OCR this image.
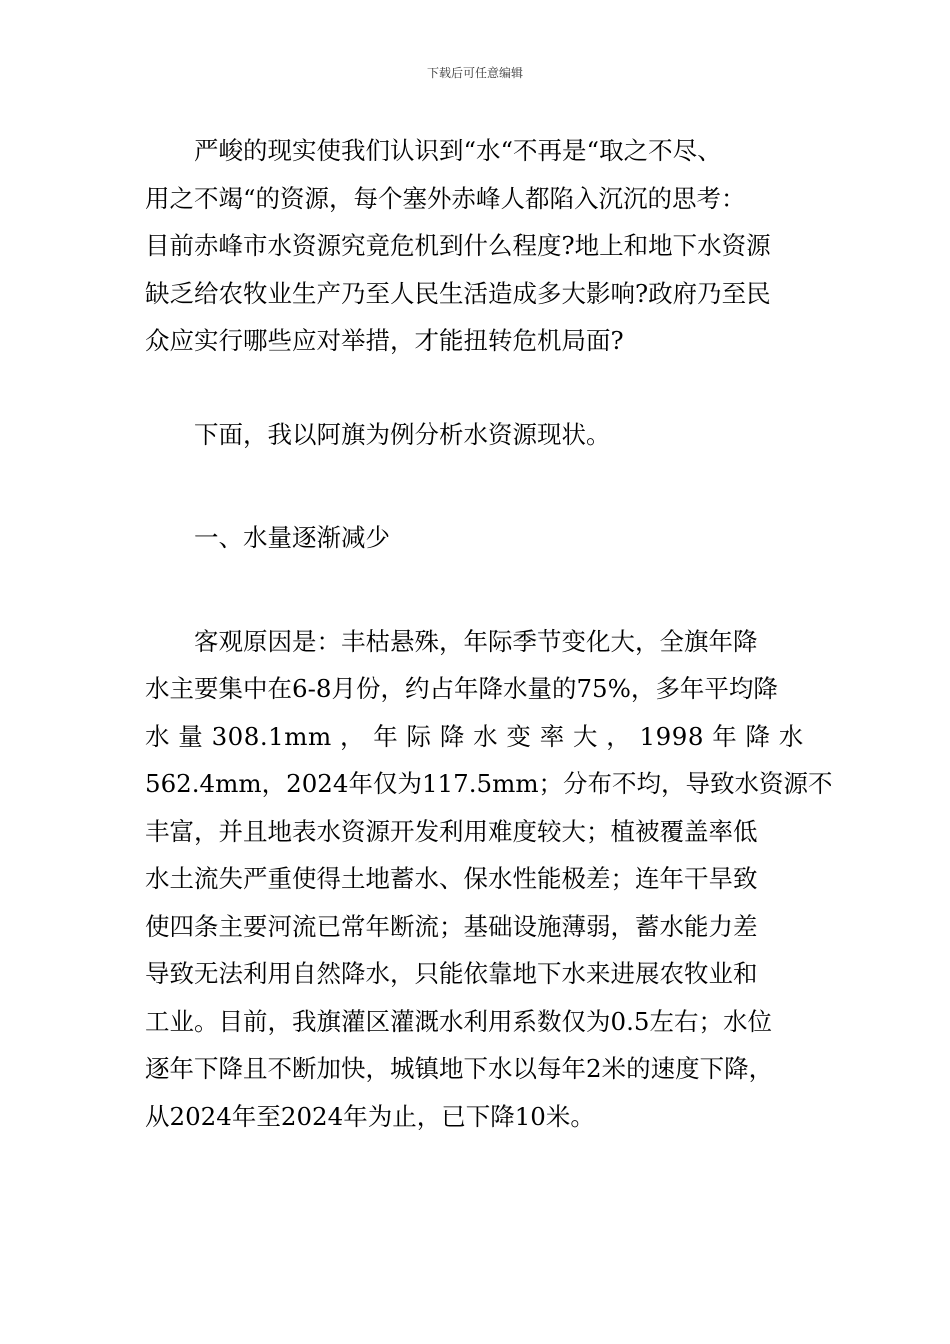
下载后可任意编辑
严峻的现实使我们认识到“水“不再是“取之不尽、
用之不竭“的资源，每个塞外赤峰人都陷入沉沉的思考：
目前赤峰市水资源究竟危机到什么程度?地上和地下水资源
缺乏给农牧业生产乃至人民生活造成多大影响?政府乃至民
众应实行哪些应对举措，才能扭转危机局面?
下面，我以阿旗为例分析水资源现状。
一、水量逐渐减少
客观原因是：丰枯悬殊，年际季节变化大，全旗年降
水主要集中在6-8月份，约占年降水量的75%，多年平均降
水 量 308.1mm ， 年 际 降 水 变 率 大 ， 1998 年 降 水
562.4mm，2024年仅为117.5mm；分布不均，导致水资源不
丰富，并且地表水资源开发利用难度较大；植被覆盖率低
水土流失严重使得土地蓄水、保水性能极差；连年干旱致
使四条主要河流已常年断流；基础设施薄弱，蓄水能力差
导致无法利用自然降水，只能依靠地下水来进展农牧业和
工业。目前，我旗灌区灌溉水利用系数仅为0.5左右；水位
逐年下降且不断加快，城镇地下水以每年2米的速度下降，
从2024年至2024年为止，已下降10米。
